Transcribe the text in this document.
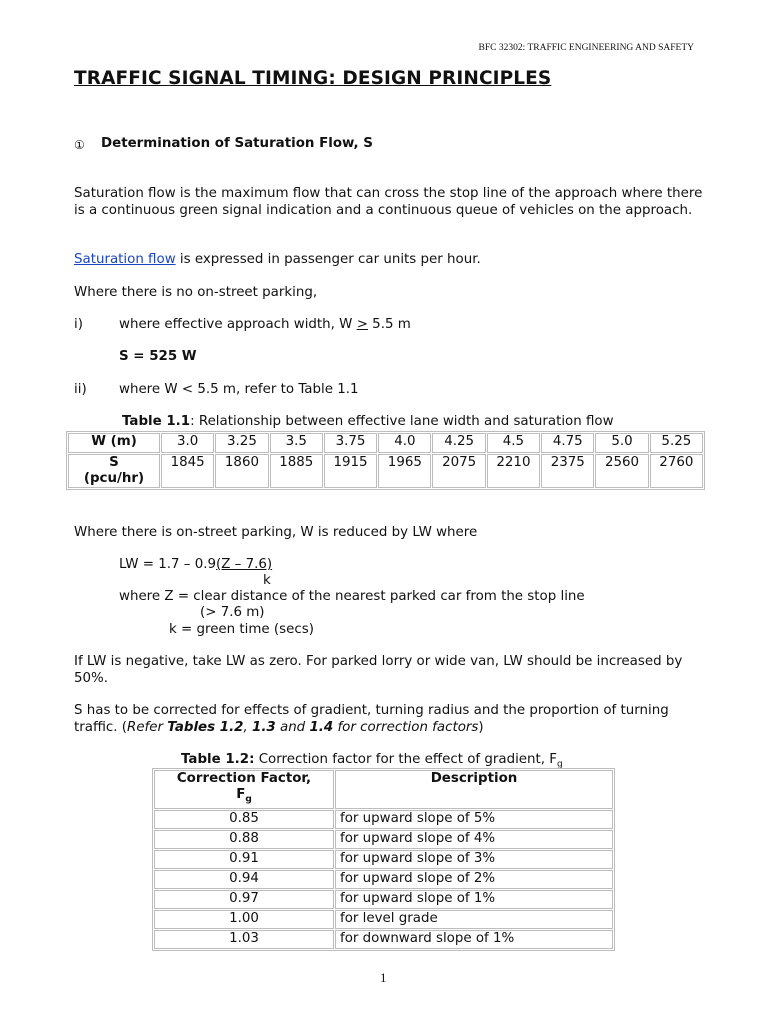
BFC 32302: TRAFFIC ENGINEERING AND SAFETY
TRAFFIC SIGNAL TIMING: DESIGN PRINCIPLES
① Determination of Saturation Flow, S
Saturation flow is the maximum flow that can cross the stop line of the approach where there is a continuous green signal indication and a continuous queue of vehicles on the approach.
Saturation flow is expressed in passenger car units per hour.
Where there is no on-street parking,
i)	where effective approach width, W ≥ 5.5 m
S = 525 W
ii) where W < 5.5 m, refer to Table 1.1
Table 1.1: Relationship between effective lane width and saturation flow
W (m)	3.0	3.25	3.5	3.75	4.0	4.25	4.5	4.75	5.0	5.25
S
(pcu/hr)	1845	1860	1885	1915	1965	2075	2210	2375	2560	2760
Where there is on-street parking, W is reduced by LW where
LW = 1.7 – 0.9(Z – 7.6)
k
where Z = clear distance of the nearest parked car from the stop line
(> 7.6 m)
k = green time (secs)
If LW is negative, take LW as zero. For parked lorry or wide van, LW should be increased by 50%.
S has to be corrected for effects of gradient, turning radius and the proportion of turning traffic. (Refer Tables 1.2, 1.3 and 1.4 for correction factors)
Table 1.2: Correction factor for the effect of gradient, $F_g$
Correction Factor,
$F_g$	Description
0.85	for upward slope of 5%
0.88	for upward slope of 4%
0.91	for upward slope of 3%
0.94	for upward slope of 2%
0.97	for upward slope of 1%
1.00	for level grade
1.03	for downward slope of 1%
1
